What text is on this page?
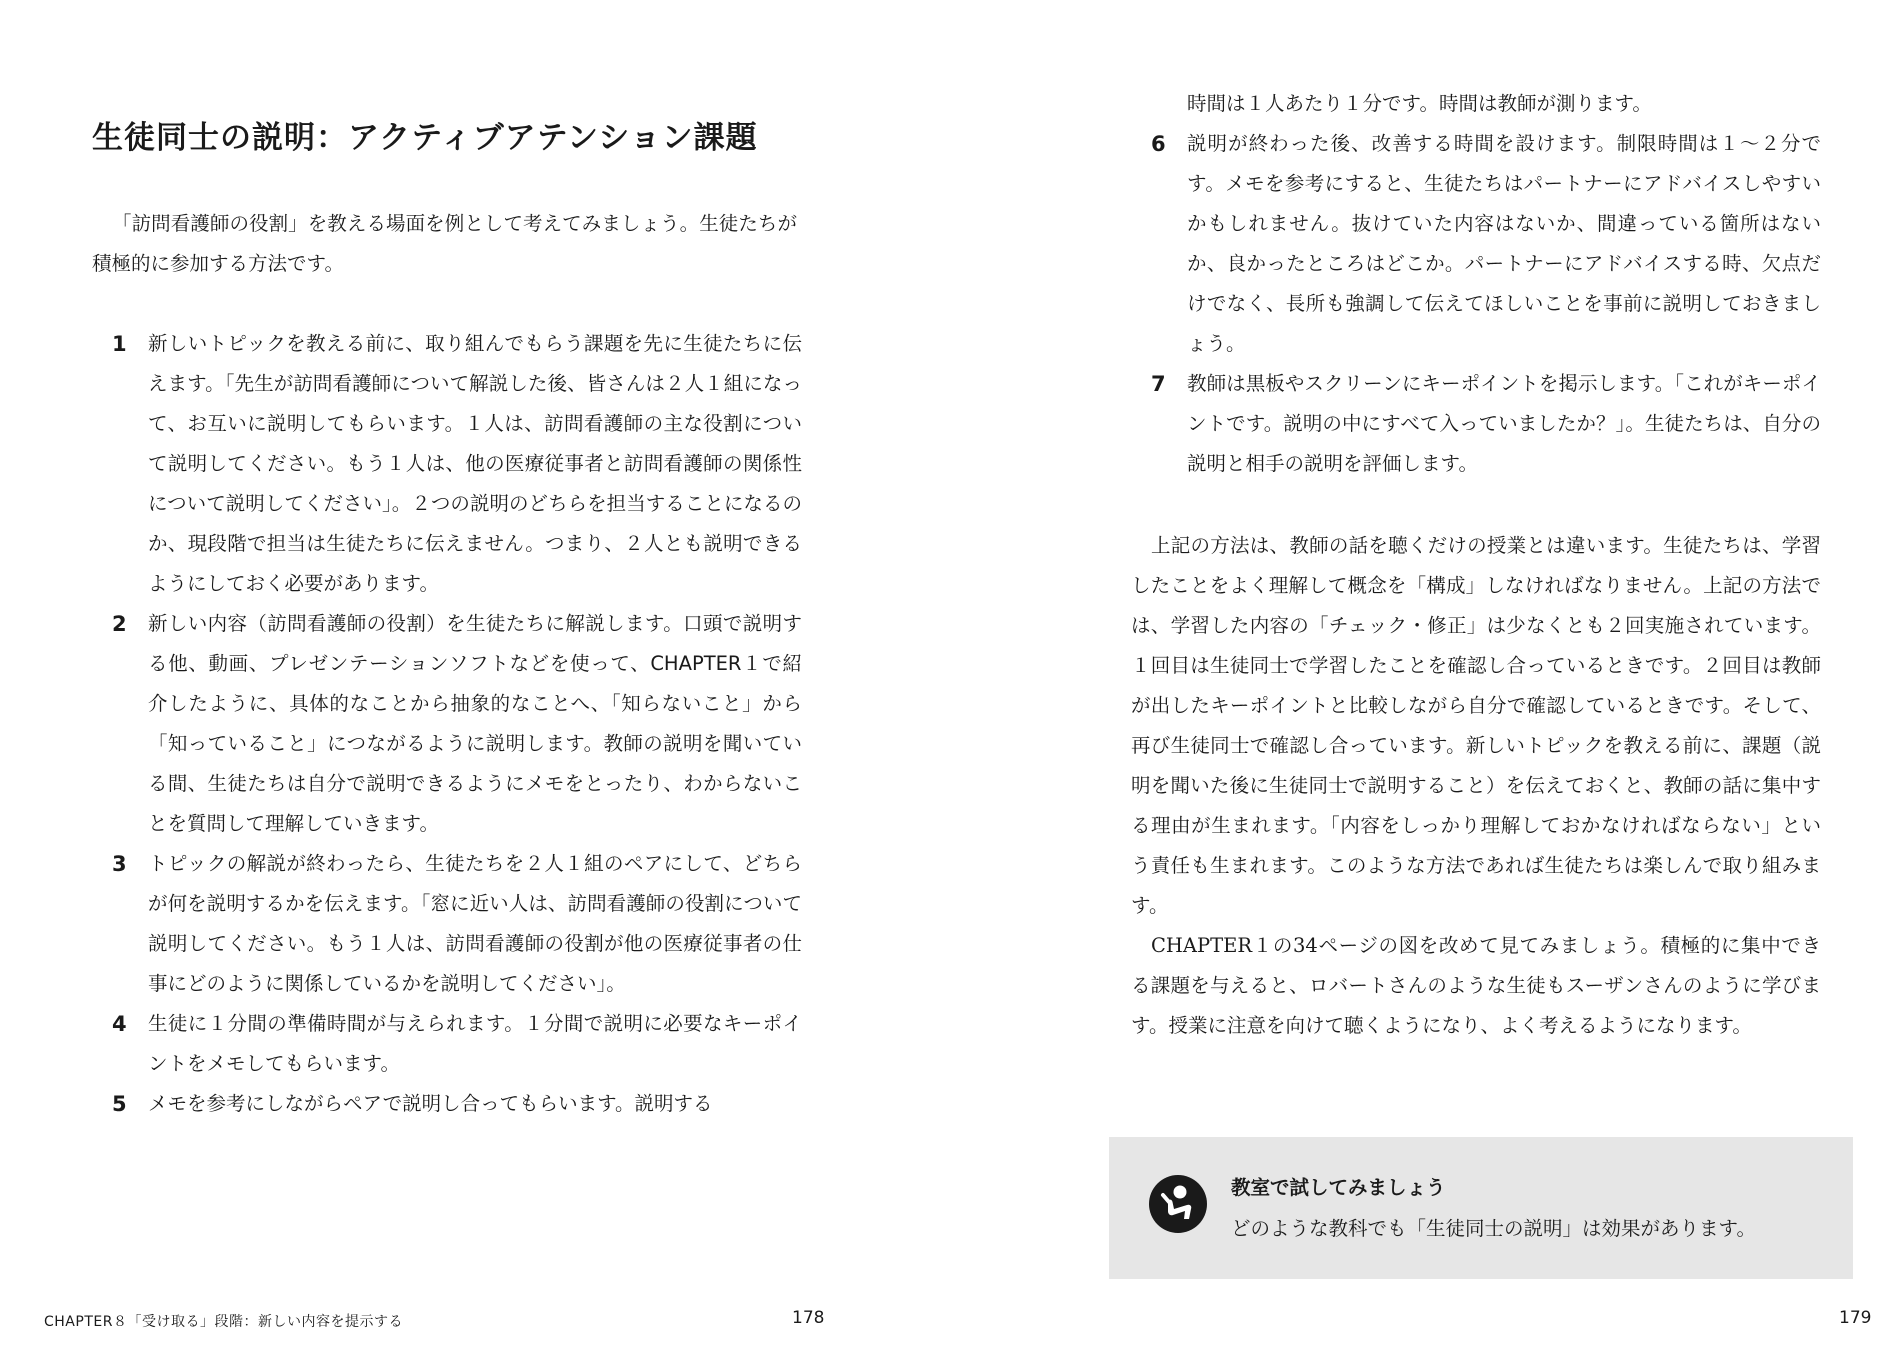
生徒同士の説明：アクティブアテンション課題

「訪問看護師の役割」を教える場面を例として考えてみましょう。生徒たちが積極的に参加する方法です。

1 新しいトピックを教える前に、取り組んでもらう課題を先に生徒たちに伝えます。「先生が訪問看護師について解説した後、皆さんは２人１組になって、お互いに説明してもらいます。１人は、訪問看護師の主な役割について説明してください。もう１人は、他の医療従事者と訪問看護師の関係性について説明してください」。２つの説明のどちらを担当することになるのか、現段階で担当は生徒たちに伝えません。つまり、２人とも説明できるようにしておく必要があります。
2 新しい内容（訪問看護師の役割）を生徒たちに解説します。口頭で説明する他、動画、プレゼンテーションソフトなどを使って、CHAPTER１で紹介したように、具体的なことから抽象的なことへ、「知らないこと」から「知っていること」につながるように説明します。教師の説明を聞いている間、生徒たちは自分で説明できるようにメモをとったり、わからないことを質問して理解していきます。
3 トピックの解説が終わったら、生徒たちを２人１組のペアにして、どちらが何を説明するかを伝えます。「窓に近い人は、訪問看護師の役割について説明してください。もう１人は、訪問看護師の役割が他の医療従事者の仕事にどのように関係しているかを説明してください」。
4 生徒に１分間の準備時間が与えられます。１分間で説明に必要なキーポイントをメモしてもらいます。
5 メモを参考にしながらペアで説明し合ってもらいます。説明する
CHAPTER８「受け取る」段階：新しい内容を提示する	178
時間は１人あたり１分です。時間は教師が測ります。
6 説明が終わった後、改善する時間を設けます。制限時間は１〜２分です。メモを参考にすると、生徒たちはパートナーにアドバイスしやすいかもしれません。抜けていた内容はないか、間違っている箇所はないか、良かったところはどこか。パートナーにアドバイスする時、欠点だけでなく、長所も強調して伝えてほしいことを事前に説明しておきましょう。
7 教師は黒板やスクリーンにキーポイントを掲示します。「これがキーポイントです。説明の中にすべて入っていましたか？」。生徒たちは、自分の説明と相手の説明を評価します。

上記の方法は、教師の話を聴くだけの授業とは違います。生徒たちは、学習したことをよく理解して概念を「構成」しなければなりません。上記の方法では、学習した内容の「チェック・修正」は少なくとも２回実施されています。１回目は生徒同士で学習したことを確認し合っているときです。２回目は教師が出したキーポイントと比較しながら自分で確認しているときです。そして、再び生徒同士で確認し合っています。新しいトピックを教える前に、課題（説明を聞いた後に生徒同士で説明すること）を伝えておくと、教師の話に集中する理由が生まれます。「内容をしっかり理解しておかなければならない」という責任も生まれます。このような方法であれば生徒たちは楽しんで取り組みます。

CHAPTER１の34ページの図を改めて見てみましょう。積極的に集中できる課題を与えると、ロバートさんのような生徒もスーザンさんのように学びます。授業に注意を向けて聴くようになり、よく考えるようになります。

教室で試してみましょう
どのような教科でも「生徒同士の説明」は効果があります。
179
